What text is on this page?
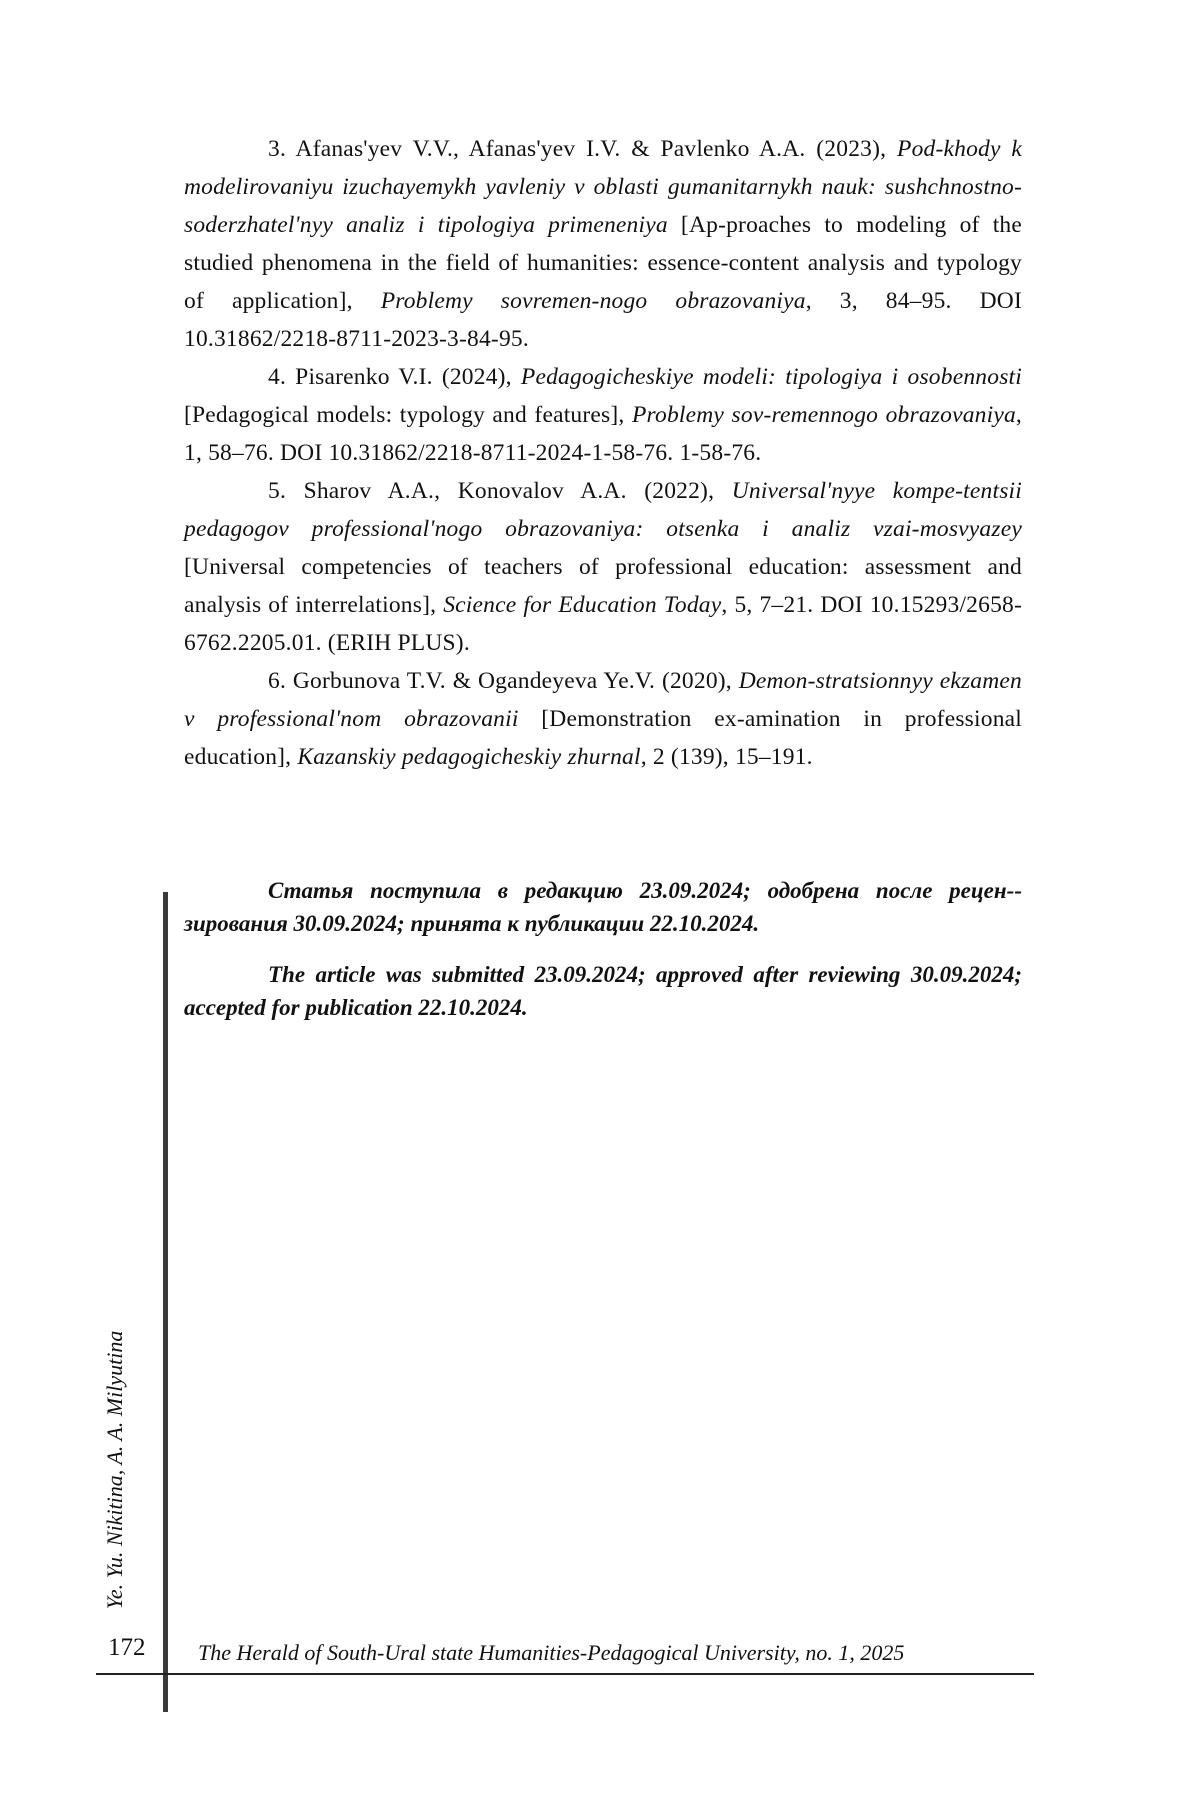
3. Afanas'yev V.V., Afanas'yev I.V. & Pavlenko A.A. (2023), Pod-khody k modelirovaniyu izuchayemykh yavleniy v oblasti gumanitarnykh nauk: sushchnostno-soderzhatel'nyy analiz i tipologiya primeneniya [Ap-proaches to modeling of the studied phenomena in the field of humanities: essence-content analysis and typology of application], Problemy sovremen-nogo obrazovaniya, 3, 84–95. DOI 10.31862/2218-8711-2023-3-84-95.

4. Pisarenko V.I. (2024), Pedagogicheskiye modeli: tipologiya i osobennosti [Pedagogical models: typology and features], Problemy sov-remennogo obrazovaniya, 1, 58–76. DOI 10.31862/2218-8711-2024-1-58-76. 1-58-76.

5. Sharov A.A., Konovalov A.A. (2022), Universal'nyye kompe-tentsii pedagogov professional'nogo obrazovaniya: otsenka i analiz vzai-mosvyazey [Universal competencies of teachers of professional education: assessment and analysis of interrelations], Science for Education Today, 5, 7–21. DOI 10.15293/2658-6762.2205.01. (ERIH PLUS).

6. Gorbunova T.V. & Ogandeyeva Ye.V. (2020), Demon-stratsionnyy ekzamen v professional'nom obrazovanii [Demonstration ex-amination in professional education], Kazanskiy pedagogicheskiy zhurnal, 2 (139), 15–191.

Статья поступила в редакцию 23.09.2024; одобрена после рецен-зирования 30.09.2024; принята к публикации 22.10.2024.

The article was submitted 23.09.2024; approved after reviewing 30.09.2024; accepted for publication 22.10.2024.

Ye. Yu. Nikitina, A. A. Milyutina
172 The Herald of South-Ural state Humanities-Pedagogical University, no. 1, 2025
